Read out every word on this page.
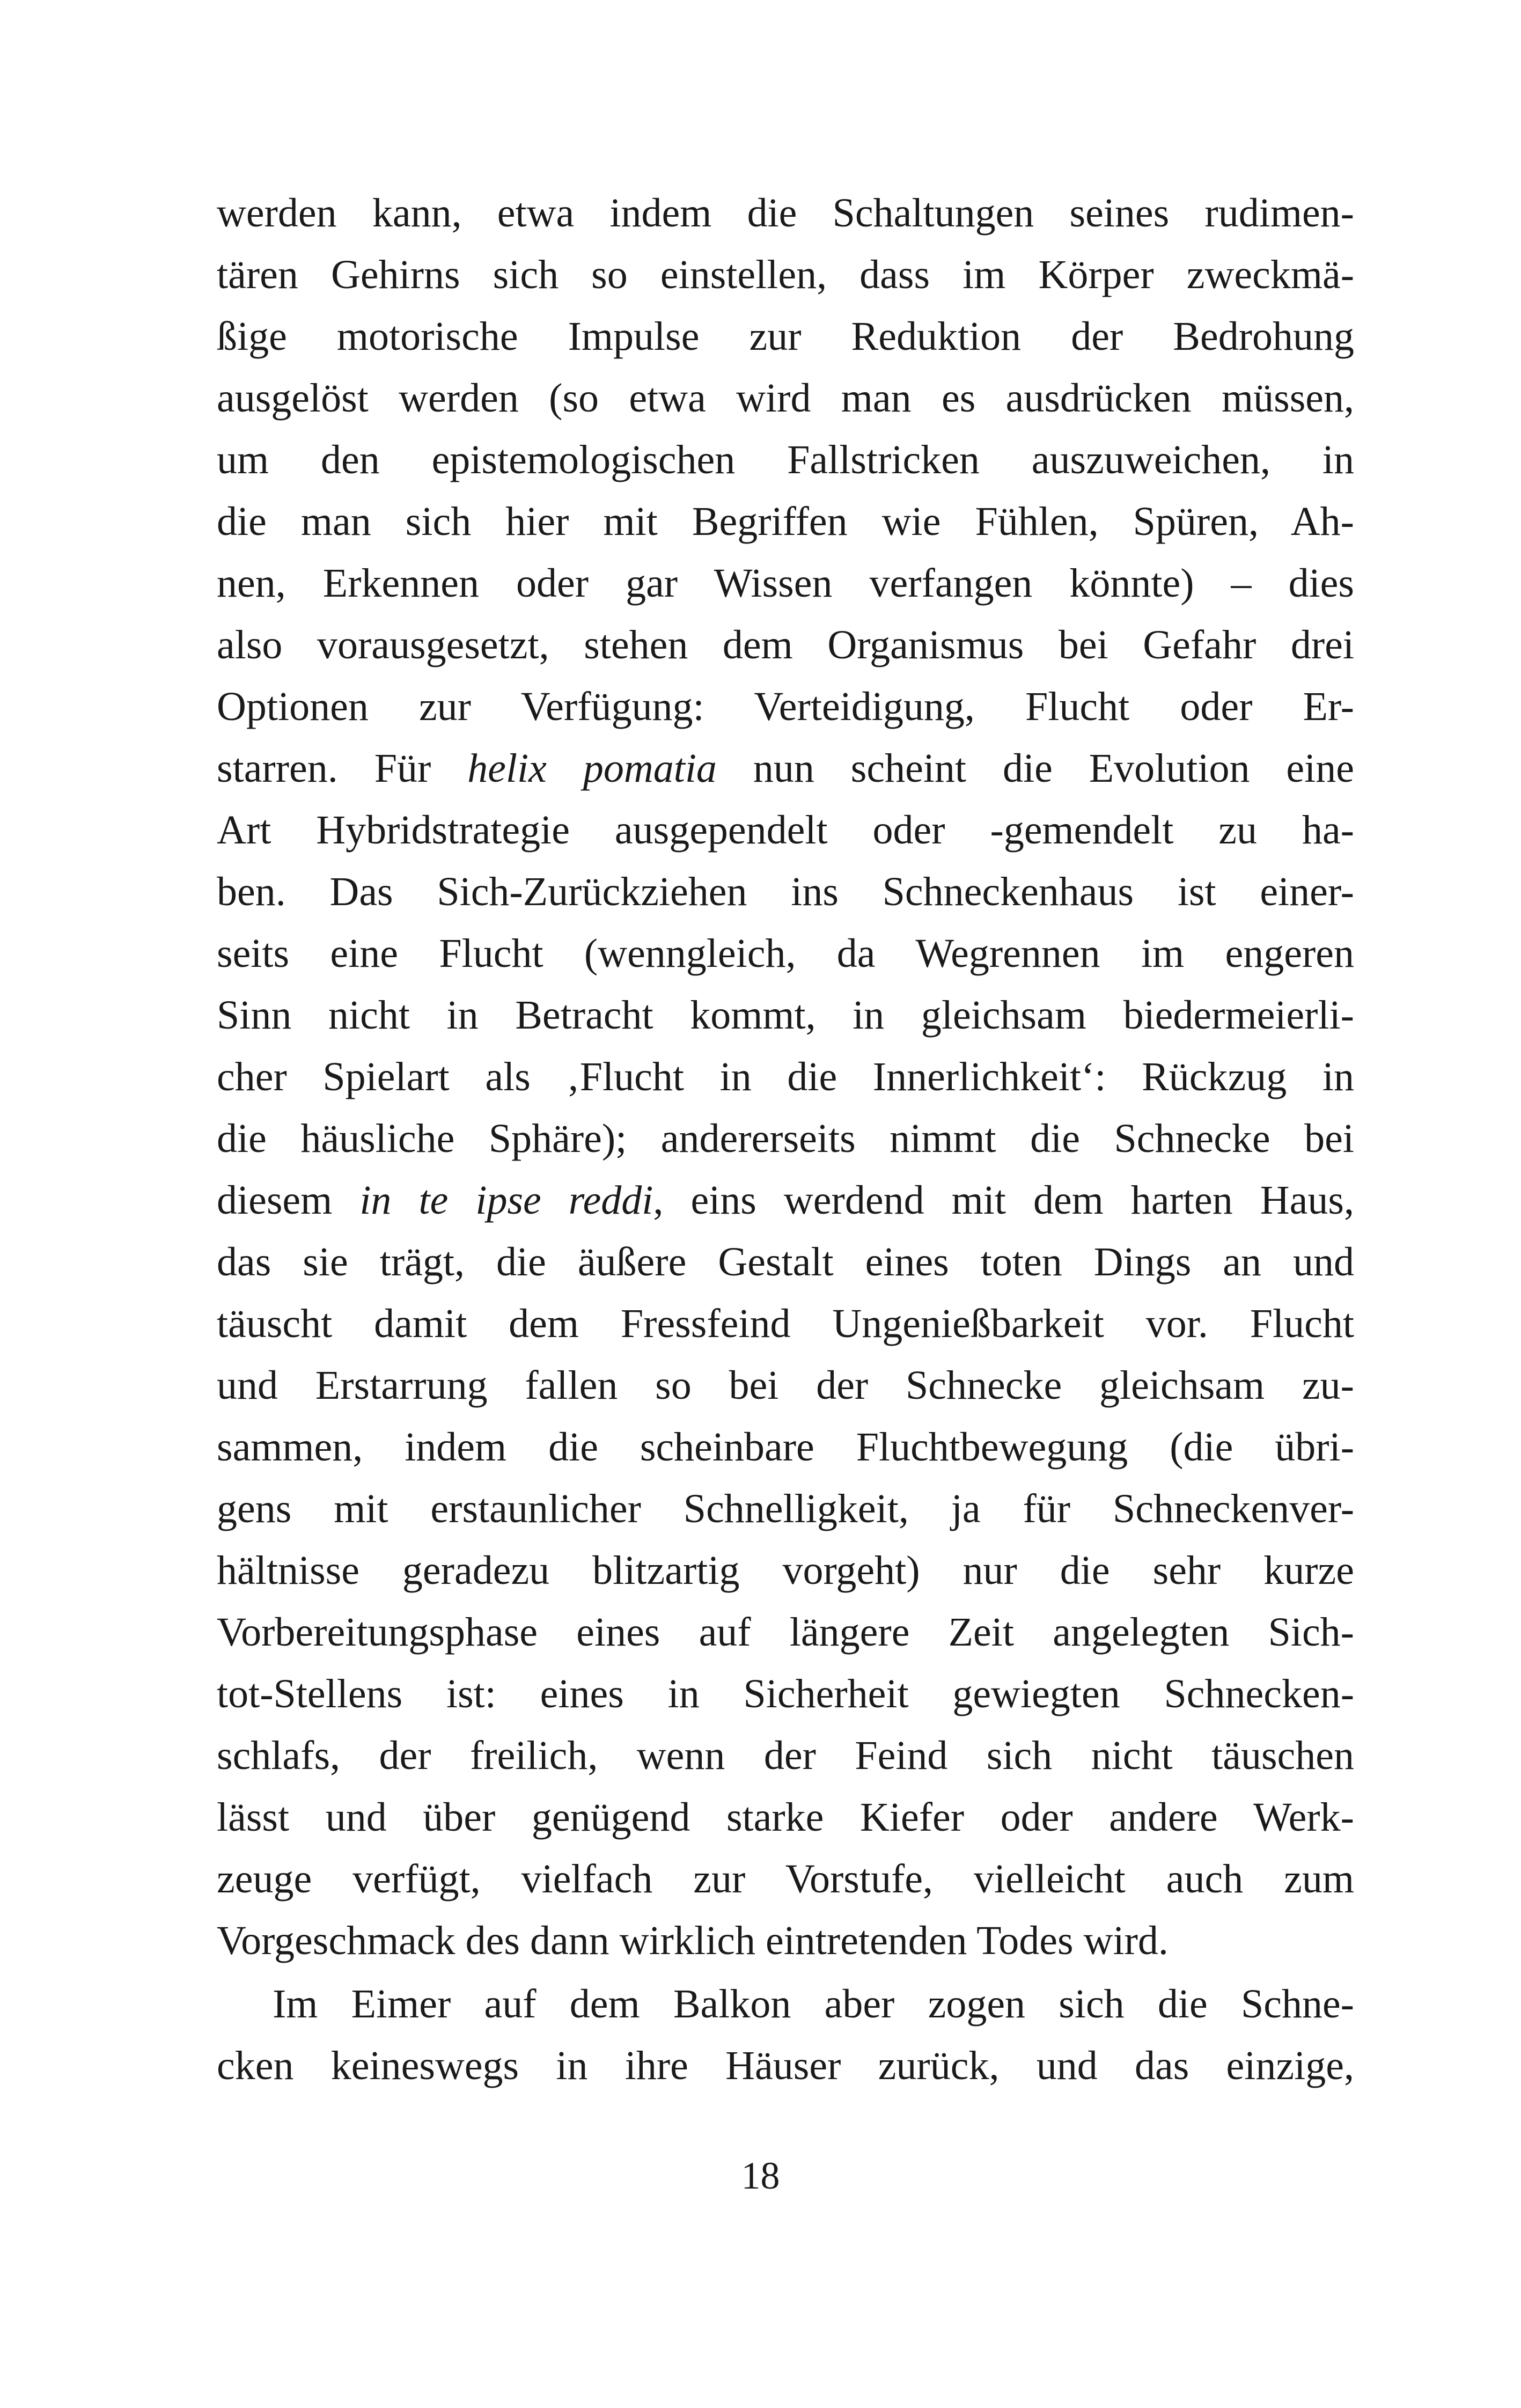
werden kann, etwa indem die Schaltungen seines rudimen-
tären Gehirns sich so einstellen, dass im Körper zweckmä-
ßige motorische Impulse zur Reduktion der Bedrohung
ausgelöst werden (so etwa wird man es ausdrücken müssen,
um den epistemologischen Fallstricken auszuweichen, in
die man sich hier mit Begriffen wie Fühlen, Spüren, Ah-
nen, Erkennen oder gar Wissen verfangen könnte) – dies
also vorausgesetzt, stehen dem Organismus bei Gefahr drei
Optionen zur Verfügung: Verteidigung, Flucht oder Er-
starren. Für helix pomatia nun scheint die Evolution eine
Art Hybridstrategie ausgependelt oder -gemendelt zu ha-
ben. Das Sich-Zurückziehen ins Schneckenhaus ist einer-
seits eine Flucht (wenngleich, da Wegrennen im engeren
Sinn nicht in Betracht kommt, in gleichsam biedermeierli-
cher Spielart als ‚Flucht in die Innerlichkeit‘: Rückzug in
die häusliche Sphäre); andererseits nimmt die Schnecke bei
diesem in te ipse reddi, eins werdend mit dem harten Haus,
das sie trägt, die äußere Gestalt eines toten Dings an und
täuscht damit dem Fressfeind Ungenießbarkeit vor. Flucht
und Erstarrung fallen so bei der Schnecke gleichsam zu-
sammen, indem die scheinbare Fluchtbewegung (die übri-
gens mit erstaunlicher Schnelligkeit, ja für Schneckenver-
hältnisse geradezu blitzartig vorgeht) nur die sehr kurze
Vorbereitungsphase eines auf längere Zeit angelegten Sich-
tot-Stellens ist: eines in Sicherheit gewiegten Schnecken-
schlafs, der freilich, wenn der Feind sich nicht täuschen
lässt und über genügend starke Kiefer oder andere Werk-
zeuge verfügt, vielfach zur Vorstufe, vielleicht auch zum
Vorgeschmack des dann wirklich eintretenden Todes wird.
Im Eimer auf dem Balkon aber zogen sich die Schne-
cken keineswegs in ihre Häuser zurück, und das einzige,
18
